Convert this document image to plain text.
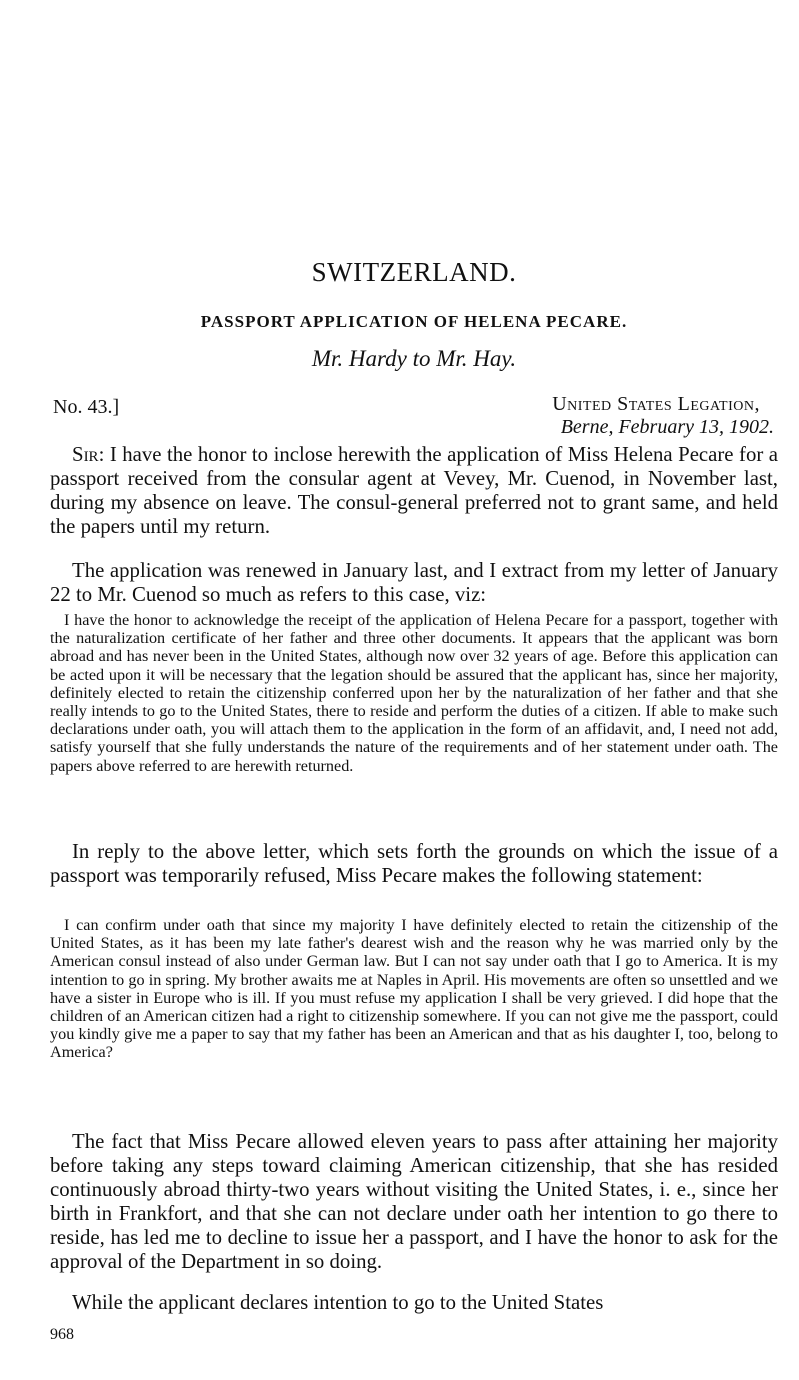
SWITZERLAND.
PASSPORT APPLICATION OF HELENA PECARE.
Mr. Hardy to Mr. Hay.
No. 43.]	United States Legation,
Berne, February 13, 1902.

Sir: I have the honor to inclose herewith the application of Miss Helena Pecare for a passport received from the consular agent at Vevey, Mr. Cuenod, in November last, during my absence on leave. The consul-general preferred not to grant same, and held the papers until my return.

The application was renewed in January last, and I extract from my letter of January 22 to Mr. Cuenod so much as refers to this case, viz:

I have the honor to acknowledge the receipt of the application of Helena Pecare for a passport, together with the naturalization certificate of her father and three other documents. It appears that the applicant was born abroad and has never been in the United States, although now over 32 years of age. Before this application can be acted upon it will be necessary that the legation should be assured that the applicant has, since her majority, definitely elected to retain the citizenship conferred upon her by the naturalization of her father and that she really intends to go to the United States, there to reside and perform the duties of a citizen. If able to make such declarations under oath, you will attach them to the application in the form of an affidavit, and, I need not add, satisfy yourself that she fully understands the nature of the requirements and of her statement under oath. The papers above referred to are herewith returned.

In reply to the above letter, which sets forth the grounds on which the issue of a passport was temporarily refused, Miss Pecare makes the following statement:

I can confirm under oath that since my majority I have definitely elected to retain the citizenship of the United States, as it has been my late father's dearest wish and the reason why he was married only by the American consul instead of also under German law. But I can not say under oath that I go to America. It is my intention to go in spring. My brother awaits me at Naples in April. His movements are often so unsettled and we have a sister in Europe who is ill. If you must refuse my application I shall be very grieved. I did hope that the children of an American citizen had a right to citizenship somewhere. If you can not give me the passport, could you kindly give me a paper to say that my father has been an American and that as his daughter I, too, belong to America?

The fact that Miss Pecare allowed eleven years to pass after attaining her majority before taking any steps toward claiming American citizenship, that she has resided continuously abroad thirty-two years without visiting the United States, i. e., since her birth in Frankfort, and that she can not declare under oath her intention to go there to reside, has led me to decline to issue her a passport, and I have the honor to ask for the approval of the Department in so doing.

While the applicant declares intention to go to the United States

968
